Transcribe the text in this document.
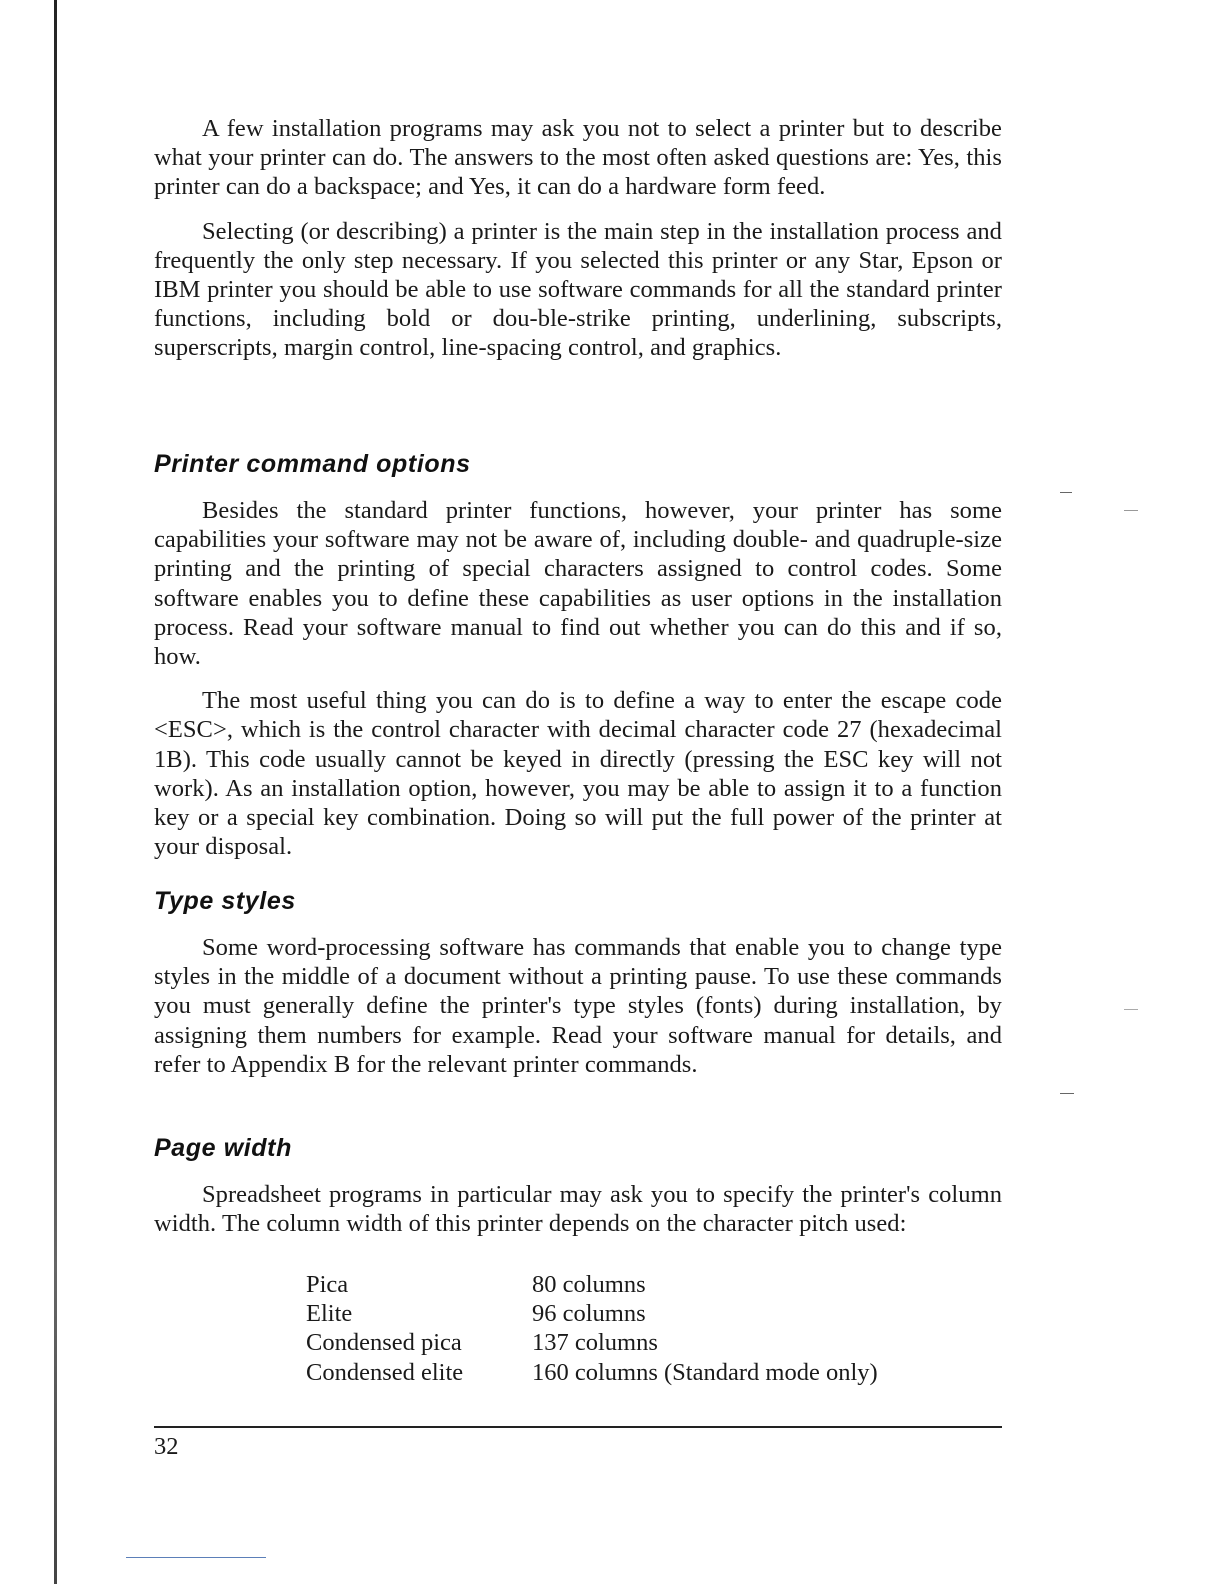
A few installation programs may ask you not to select a printer but to describe what your printer can do. The answers to the most often asked questions are: Yes, this printer can do a backspace; and Yes, it can do a hardware form feed.

Selecting (or describing) a printer is the main step in the installation process and frequently the only step necessary. If you selected this printer or any Star, Epson or IBM printer you should be able to use software commands for all the standard printer functions, including bold or dou-ble-strike printing, underlining, subscripts, superscripts, margin control, line-spacing control, and graphics.

Printer command options

Besides the standard printer functions, however, your printer has some capabilities your software may not be aware of, including double- and quadruple-size printing and the printing of special characters assigned to control codes. Some software enables you to define these capabilities as user options in the installation process. Read your software manual to find out whether you can do this and if so, how.

The most useful thing you can do is to define a way to enter the escape code <ESC>, which is the control character with decimal character code 27 (hexadecimal 1B). This code usually cannot be keyed in directly (pressing the ESC key will not work). As an installation option, however, you may be able to assign it to a function key or a special key combination. Doing so will put the full power of the printer at your disposal.

Type styles

Some word-processing software has commands that enable you to change type styles in the middle of a document without a printing pause. To use these commands you must generally define the printer's type styles (fonts) during installation, by assigning them numbers for example. Read your software manual for details, and refer to Appendix B for the relevant printer commands.

Page width

Spreadsheet programs in particular may ask you to specify the printer's column width. The column width of this printer depends on the character pitch used:

Pica	80 columns
Elite	96 columns
Condensed pica	137 columns
Condensed elite	160 columns (Standard mode only)
32
